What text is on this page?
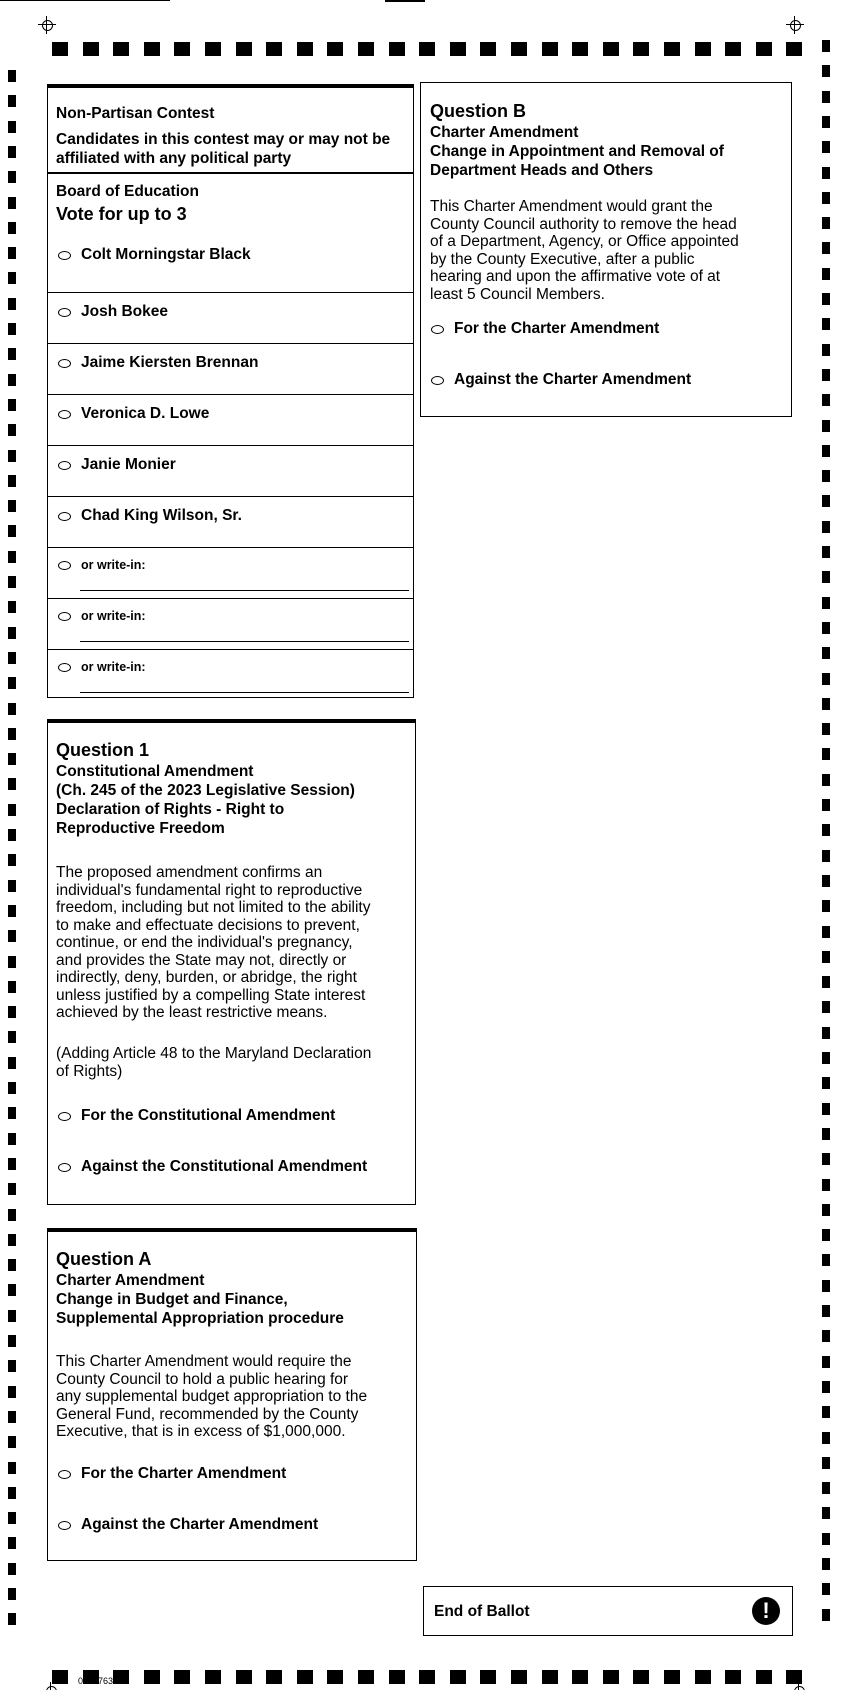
Non-Partisan Contest
Candidates in this contest may or may not be affiliated with any political party
Board of Education
Vote for up to 3
Colt Morningstar Black
Josh Bokee
Jaime Kiersten Brennan
Veronica D. Lowe
Janie Monier
Chad King Wilson, Sr.
or write-in:
or write-in:
or write-in:
Question 1
Constitutional Amendment
(Ch. 245 of the 2023 Legislative Session)
Declaration of Rights - Right to
Reproductive Freedom
The proposed amendment confirms an
individual's fundamental right to reproductive
freedom, including but not limited to the ability
to make and effectuate decisions to prevent,
continue, or end the individual's pregnancy,
and provides the State may not, directly or
indirectly, deny, burden, or abridge, the right
unless justified by a compelling State interest
achieved by the least restrictive means.
(Adding Article 48 to the Maryland Declaration
of Rights)
For the Constitutional Amendment
Against the Constitutional Amendment
Question A
Charter Amendment
Change in Budget and Finance,
Supplemental Appropriation procedure
This Charter Amendment would require the
County Council to hold a public hearing for
any supplemental budget appropriation to the
General Fund, recommended by the County
Executive, that is in excess of $1,000,000.
For the Charter Amendment
Against the Charter Amendment
Question B
Charter Amendment
Change in Appointment and Removal of
Department Heads and Others
This Charter Amendment would grant the
County Council authority to remove the head
of a Department, Agency, or Office appointed
by the County Executive, after a public
hearing and upon the affirmative vote of at
least 5 Council Members.
For the Charter Amendment
Against the Charter Amendment
End of Ballot	!
0010763
